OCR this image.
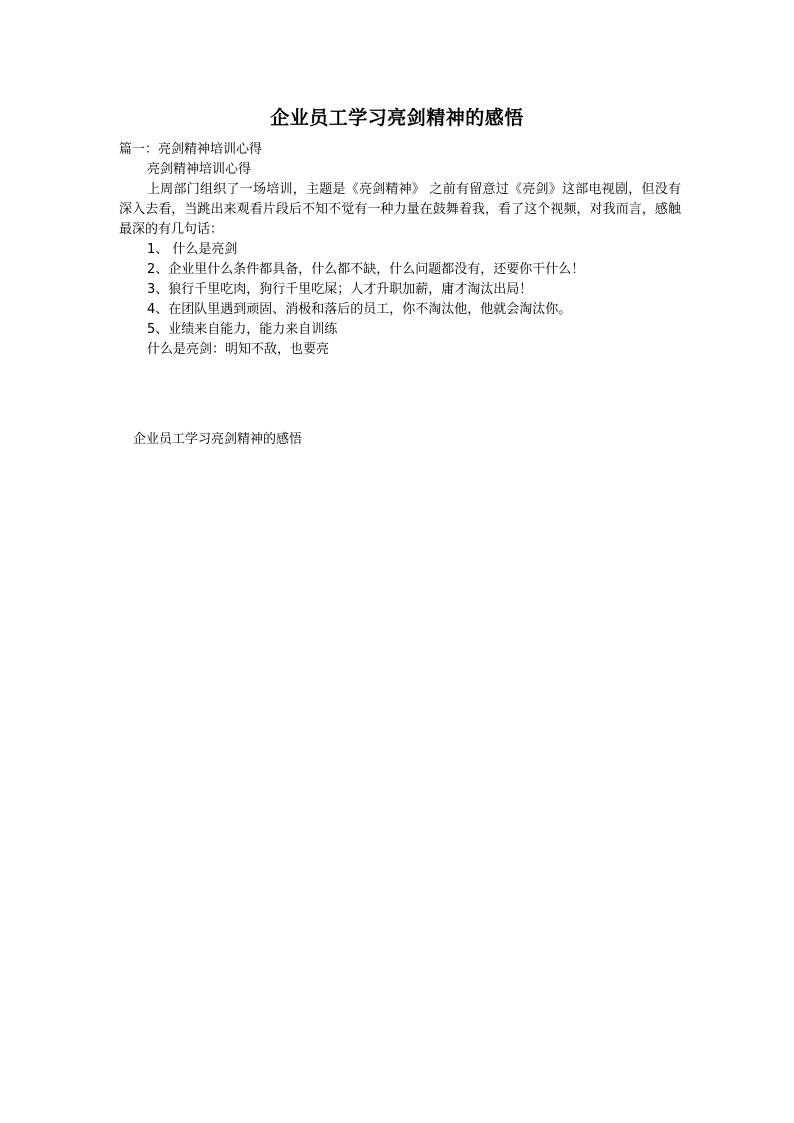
企业员工学习亮剑精神的感悟

篇一：亮剑精神培训心得

亮剑精神培训心得

上周部门组织了一场培训，主题是《亮剑精神》 之前有留意过《亮剑》这部电视剧，但没有深入去看，当跳出来观看片段后不知不觉有一种力量在鼓舞着我，看了这个视频，对我而言，感触最深的有几句话：

1、 什么是亮剑

2、企业里什么条件都具备，什么都不缺，什么问题都没有，还要你干什么！

3、狼行千里吃肉，狗行千里吃屎；人才升职加薪，庸才淘汰出局！

4、在团队里遇到顽固、消极和落后的员工，你不淘汰他，他就会淘汰你。

5、业绩来自能力，能力来自训练

什么是亮剑：明知不敌，也要亮

企业员工学习亮剑精神的感悟
